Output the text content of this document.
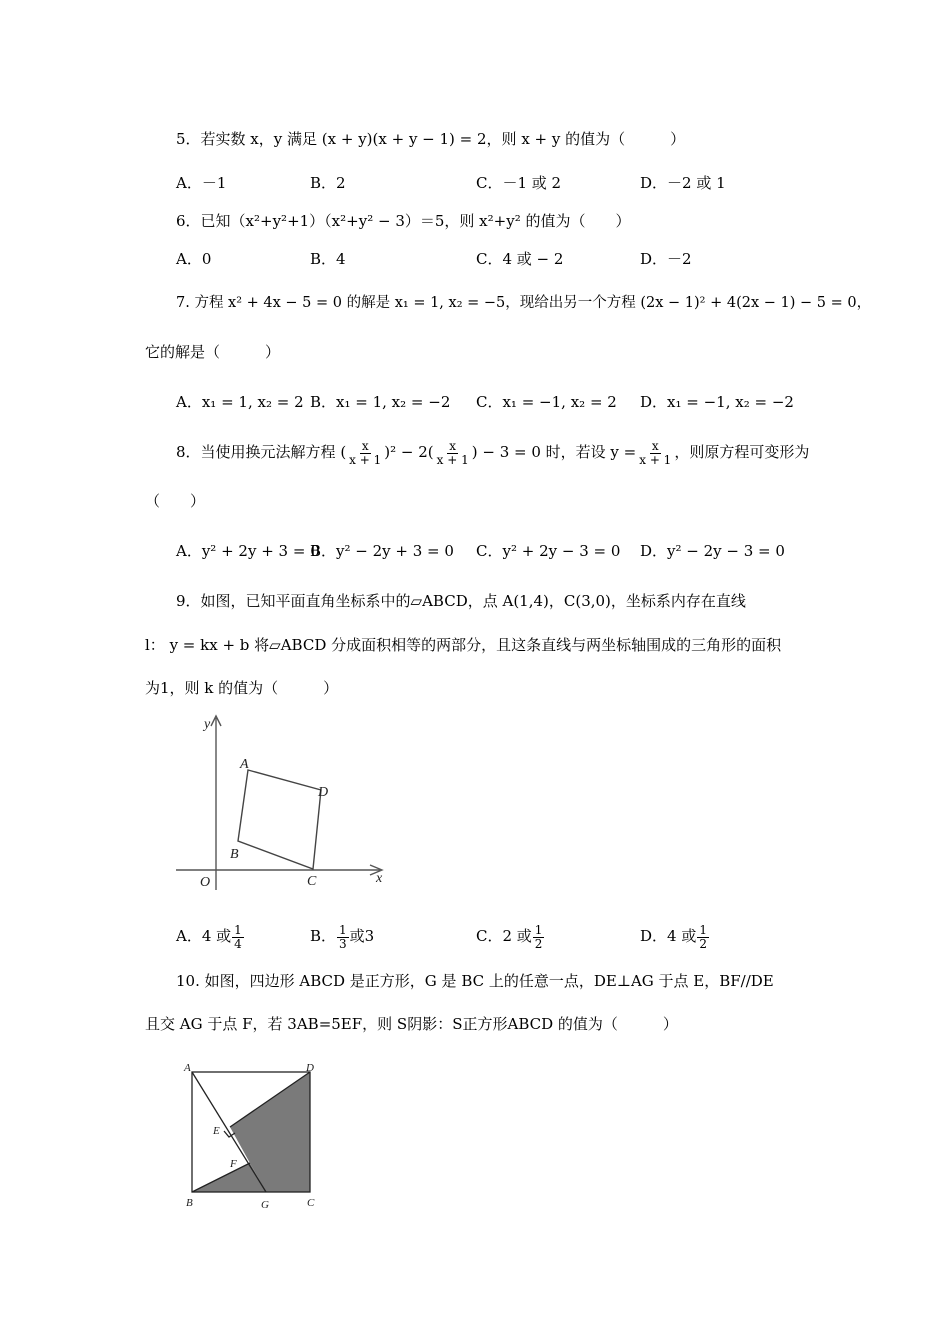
5．若实数 x，y 满足 (x + y)(x + y − 1) = 2，则 x + y 的值为（　　　）
A．－1	B．2	C．－1 或 2	D．－2 或 1
6．已知（x²+y²+1）（x²+y² − 3）＝5，则 x²+y² 的值为（　　）
A．0	B．4	C．4 或 − 2	D．－2
7. 方程 x² + 4x − 5 = 0 的解是 x₁ = 1, x₂ = −5，现给出另一个方程 (2x − 1)² + 4(2x − 1) − 5 = 0，
它的解是（　　　）
A．x₁ = 1, x₂ = 2 B．x₁ = 1, x₂ = −2 C．x₁ = −1, x₂ = 2 D．x₁ = −1, x₂ = −2
8．当使用换元法解方程 ( $\frac{x}{x + 1} )^2 - 2( \frac{x}{x + 1}$ ) − 3 = 0 时，若设 $y = \frac{x}{x + 1}$ ，则原方程可变形为
（　　）
A．y² + 2y + 3 = 0
B．y² − 2y + 3 = 0 C．y² + 2y − 3 = 0 D．y² − 2y − 3 = 0
9．如图，已知平面直角坐标系中的▱ABCD，点 A(1,4)，C(3,0)，坐标系内存在直线
l： y = kx + b 将▱ABCD 分成面积相等的两部分，且这条直线与两坐标轴围成的三角形的面积
为1，则 k 的值为（　　　）
y
x
O
A
B
C
D
A．4 或 $\frac{1}{4}$	B． $\frac{1}{3}$ 或3	C．2 或 $\frac{1}{2}$	D．4 或 $\frac{1}{2}$
10. 如图，四边形 ABCD 是正方形，G 是 BC 上的任意一点，DE⊥AG 于点 E，BF//DE
且交 AG 于点 F，若 3AB=5EF，则 S阴影：S正方形ABCD 的值为（　　　）
A	D
E
F
B	G	C
